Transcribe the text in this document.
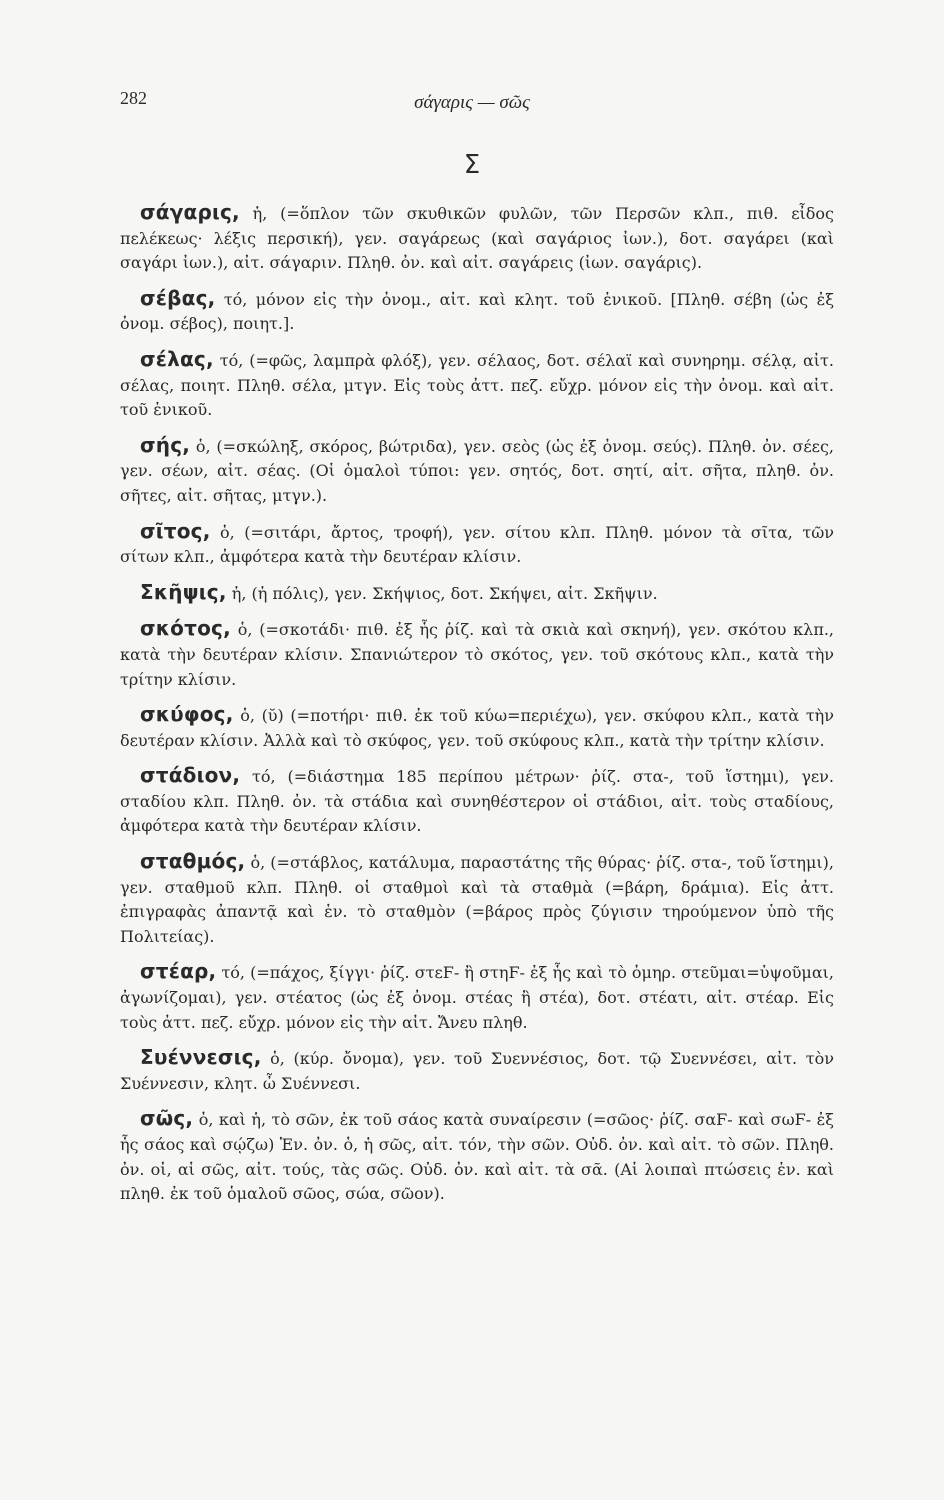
282	σάγαρις — σῶς
Σ

σάγαρις, ἡ, (=ὅπλον τῶν σκυθικῶν φυλῶν, τῶν Περσῶν κλπ., πιθ. εἶδος πελέκεως· λέξις περσική), γεν. σαγάρεως (καὶ σαγάριος ἰων.), δοτ. σαγάρει (καὶ σαγάρι ἰων.), αἰτ. σάγαριν. Πληθ. ὀν. καὶ αἰτ. σαγάρεις (ἰων. σαγάρις).

σέβας, τό, μόνον εἰς τὴν ὀνομ., αἰτ. καὶ κλητ. τοῦ ἑνικοῦ. [Πληθ. σέβη (ὡς ἐξ ὀνομ. σέβος), ποιητ.].

σέλας, τό, (=φῶς, λαμπρὰ φλόξ), γεν. σέλαος, δοτ. σέλαϊ καὶ συνηρημ. σέλᾳ, αἰτ. σέλας, ποιητ. Πληθ. σέλα, μτγν. Εἰς τοὺς ἀττ. πεζ. εὔχρ. μόνον εἰς τὴν ὀνομ. καὶ αἰτ. τοῦ ἑνικοῦ.

σής, ὁ, (=σκώληξ, σκόρος, βώτριδα), γεν. σεὸς (ὡς ἐξ ὀνομ. σεύς). Πληθ. ὀν. σέες, γεν. σέων, αἰτ. σέας. (Οἱ ὁμαλοὶ τύποι: γεν. σητός, δοτ. σητί, αἰτ. σῆτα, πληθ. ὀν. σῆτες, αἰτ. σῆτας, μτγν.).

σῖτος, ὁ, (=σιτάρι, ἄρτος, τροφή), γεν. σίτου κλπ. Πληθ. μόνον τὰ σῖτα, τῶν σίτων κλπ., ἀμφότερα κατὰ τὴν δευτέραν κλίσιν.

Σκῆψις, ἡ, (ἡ πόλις), γεν. Σκήψιος, δοτ. Σκήψει, αἰτ. Σκῆψιν.

σκότος, ὁ, (=σκοτάδι· πιθ. ἐξ ἧς ῥίζ. καὶ τὰ σκιὰ καὶ σκηνή), γεν. σκότου κλπ., κατὰ τὴν δευτέραν κλίσιν. Σπανιώτερον τὸ σκότος, γεν. τοῦ σκότους κλπ., κατὰ τὴν τρίτην κλίσιν.

σκύφος, ὁ, (ῠ) (=ποτήρι· πιθ. ἐκ τοῦ κύω=περιέχω), γεν. σκύφου κλπ., κατὰ τὴν δευτέραν κλίσιν. Ἀλλὰ καὶ τὸ σκύφος, γεν. τοῦ σκύφους κλπ., κατὰ τὴν τρίτην κλίσιν.

στάδιον, τό, (=διάστημα 185 περίπου μέτρων· ῥίζ. στα-, τοῦ ἵστημι), γεν. σταδίου κλπ. Πληθ. ὀν. τὰ στάδια καὶ συνηθέστερον οἱ στάδιοι, αἰτ. τοὺς σταδίους, ἀμφότερα κατὰ τὴν δευτέραν κλίσιν.

σταθμός, ὁ, (=στάβλος, κατάλυμα, παραστάτης τῆς θύρας· ῥίζ. στα-, τοῦ ἵστημι), γεν. σταθμοῦ κλπ. Πληθ. οἱ σταθμοὶ καὶ τὰ σταθμὰ (=βάρη, δράμια). Εἰς ἀττ. ἐπιγραφὰς ἀπαντᾷ καὶ ἑν. τὸ σταθμὸν (=βάρος πρὸς ζύγισιν τηρούμενον ὑπὸ τῆς Πολιτείας).

στέαρ, τό, (=πάχος, ξίγγι· ῥίζ. στεϜ- ἢ στηϜ- ἐξ ἧς καὶ τὸ ὁμηρ. στεῦμαι=ὑψοῦμαι, ἀγωνίζομαι), γεν. στέατος (ὡς ἐξ ὀνομ. στέας ἢ στέα), δοτ. στέατι, αἰτ. στέαρ. Εἰς τοὺς ἀττ. πεζ. εὔχρ. μόνον εἰς τὴν αἰτ. Ἄνευ πληθ.

Συέννεσις, ὁ, (κύρ. ὄνομα), γεν. τοῦ Συεννέσιος, δοτ. τῷ Συεννέσει, αἰτ. τὸν Συέννεσιν, κλητ. ὦ Συέννεσι.

σῶς, ὁ, καὶ ἡ, τὸ σῶν, ἐκ τοῦ σάος κατὰ συναίρεσιν (=σῶος· ῥίζ. σαϜ- καὶ σωϜ- ἐξ ἧς σάος καὶ σῴζω) Ἑν. ὀν. ὁ, ἡ σῶς, αἰτ. τόν, τὴν σῶν. Οὐδ. ὀν. καὶ αἰτ. τὸ σῶν. Πληθ. ὀν. οἱ, αἱ σῶς, αἰτ. τούς, τὰς σῶς. Οὐδ. ὀν. καὶ αἰτ. τὰ σᾶ. (Αἱ λοιπαὶ πτώσεις ἑν. καὶ πληθ. ἐκ τοῦ ὁμαλοῦ σῶος, σώα, σῶον).
